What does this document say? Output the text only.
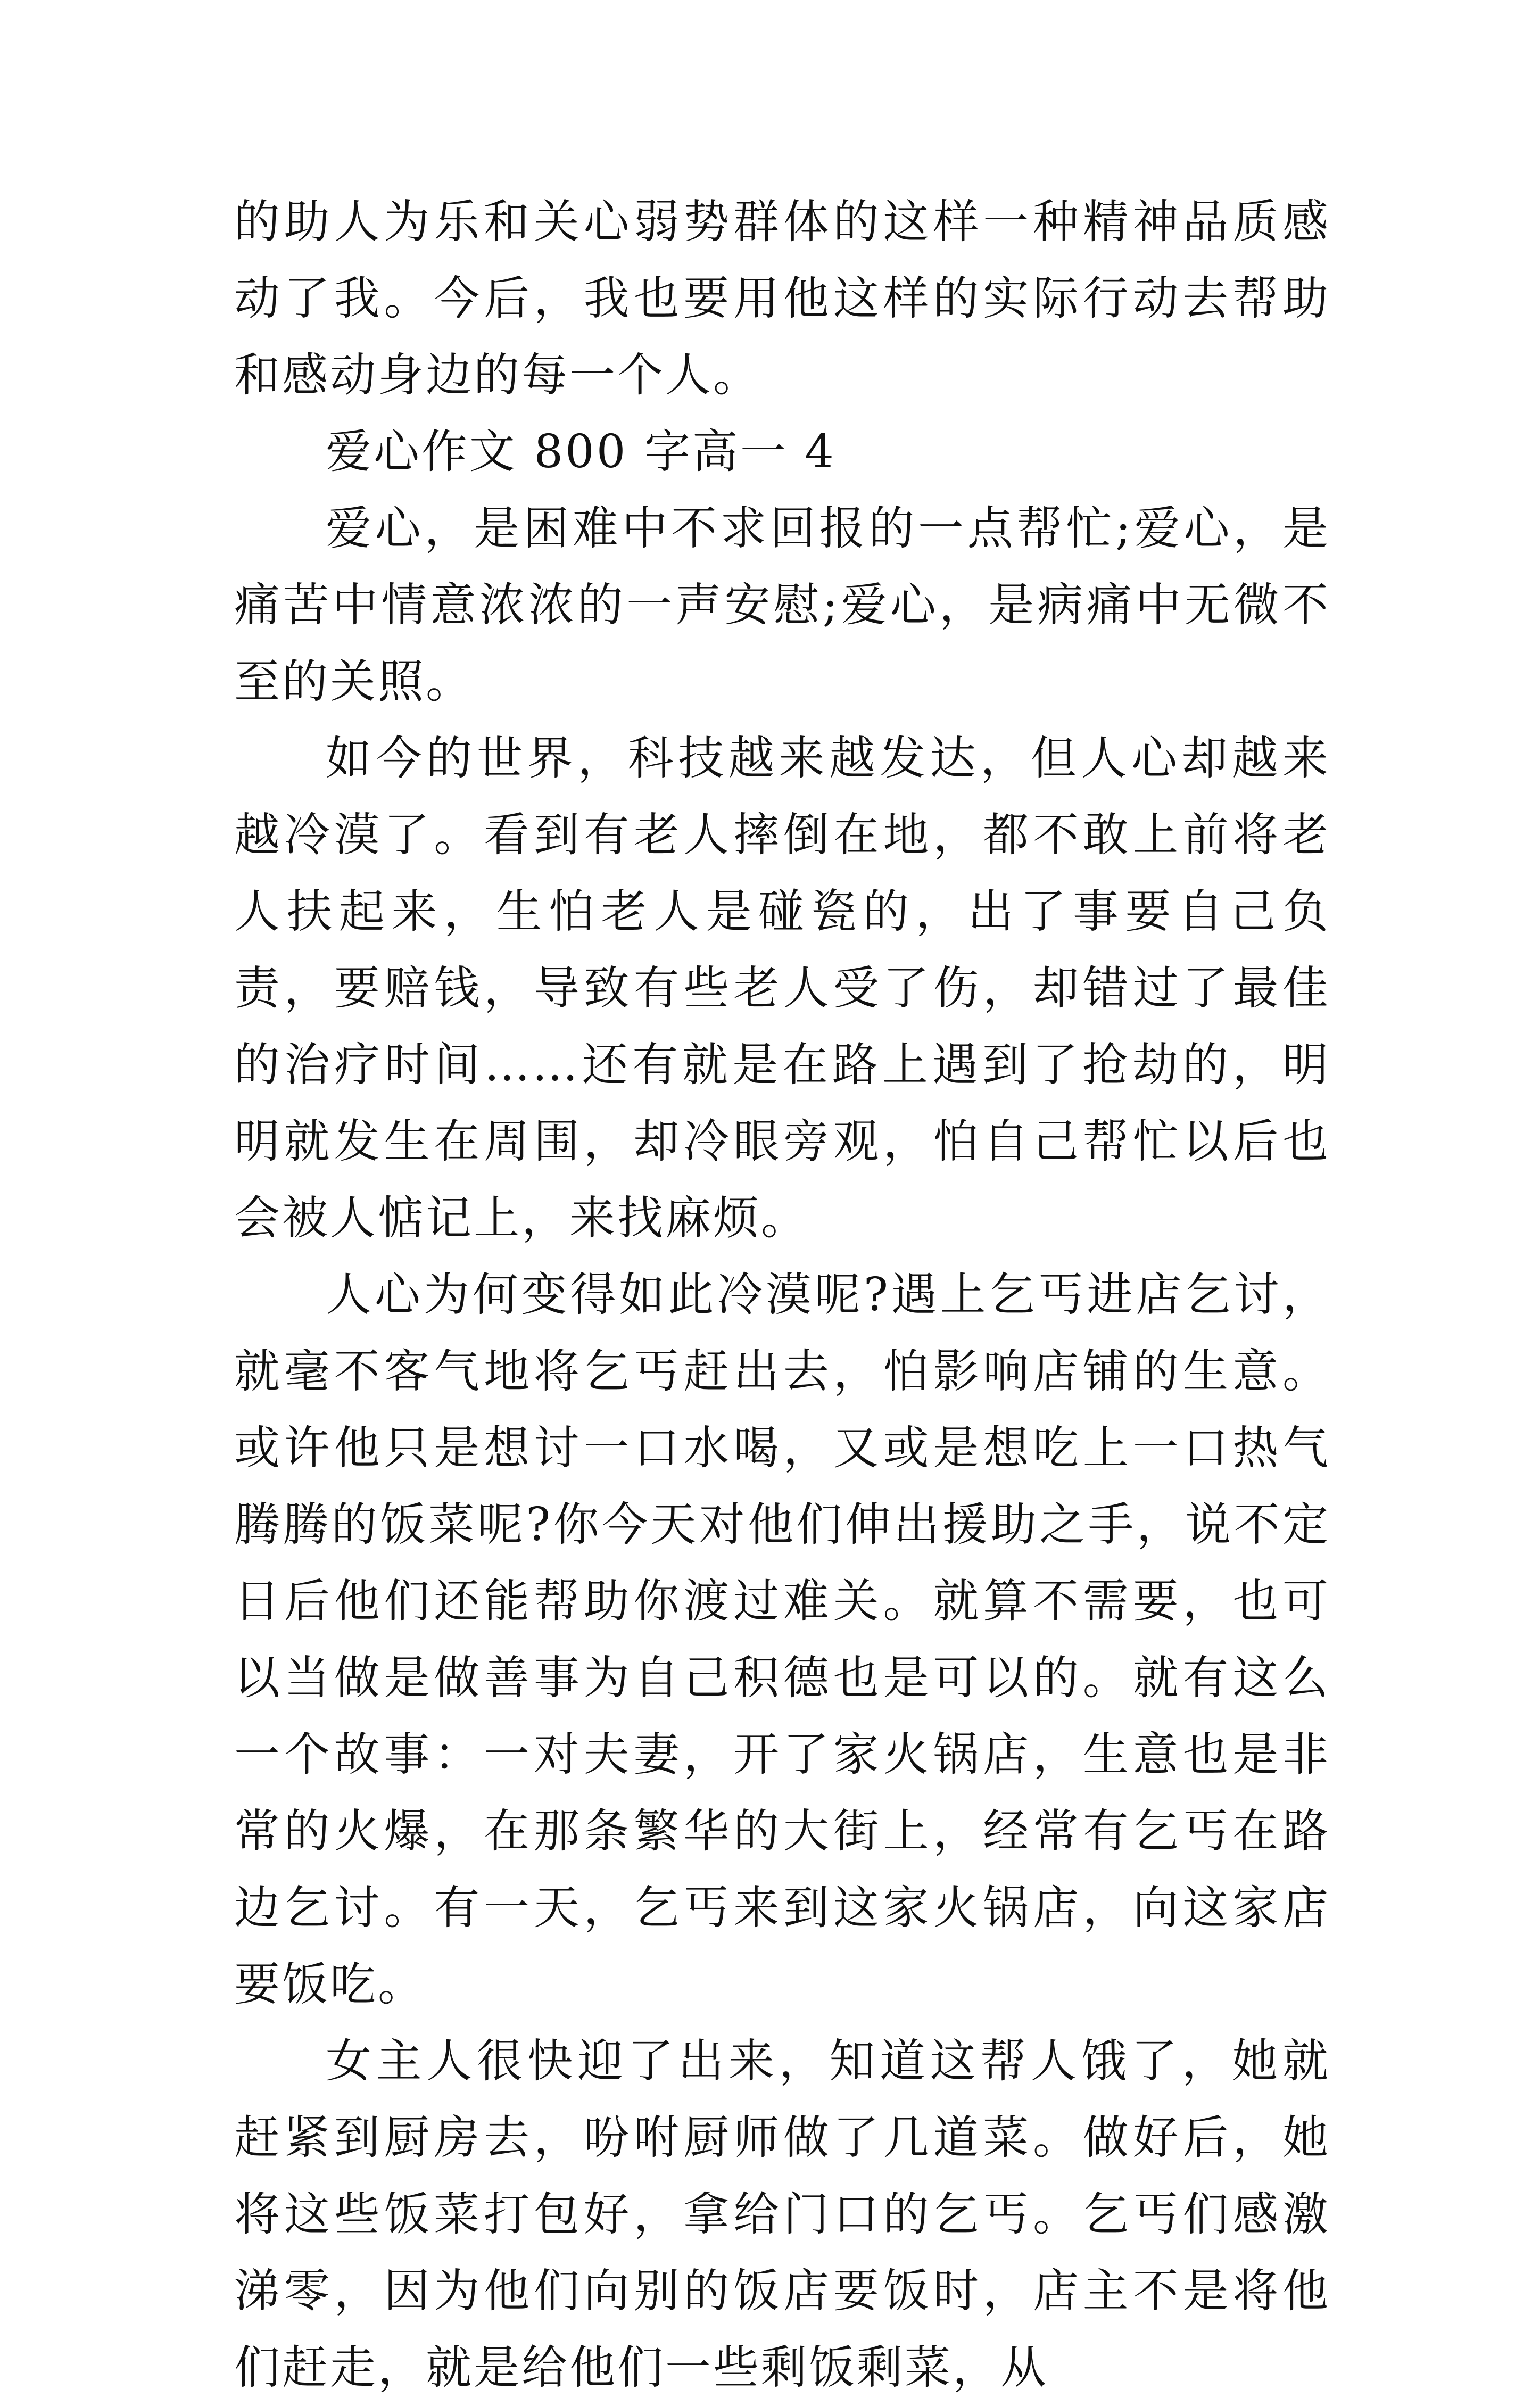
的助人为乐和关心弱势群体的这样一种精神品质感动了我。今后，我也要用他这样的实际行动去帮助和感动身边的每一个人。

爱心作文 800 字高一 4

爱心，是困难中不求回报的一点帮忙;爱心，是痛苦中情意浓浓的一声安慰;爱心，是病痛中无微不至的关照。

如今的世界，科技越来越发达，但人心却越来越冷漠了。看到有老人摔倒在地，都不敢上前将老人扶起来，生怕老人是碰瓷的，出了事要自己负责，要赔钱，导致有些老人受了伤，却错过了最佳的治疗时间……还有就是在路上遇到了抢劫的，明明就发生在周围，却冷眼旁观，怕自己帮忙以后也会被人惦记上，来找麻烦。

人心为何变得如此冷漠呢?遇上乞丐进店乞讨，就毫不客气地将乞丐赶出去，怕影响店铺的生意。或许他只是想讨一口水喝，又或是想吃上一口热气腾腾的饭菜呢?你今天对他们伸出援助之手，说不定日后他们还能帮助你渡过难关。就算不需要，也可以当做是做善事为自己积德也是可以的。就有这么一个故事：一对夫妻，开了家火锅店，生意也是非常的火爆，在那条繁华的大街上，经常有乞丐在路边乞讨。有一天，乞丐来到这家火锅店，向这家店要饭吃。

女主人很快迎了出来，知道这帮人饿了，她就赶紧到厨房去，吩咐厨师做了几道菜。做好后，她将这些饭菜打包好，拿给门口的乞丐。乞丐们感激涕零，因为他们向别的饭店要饭时，店主不是将他们赶走，就是给他们一些剩饭剩菜，从
